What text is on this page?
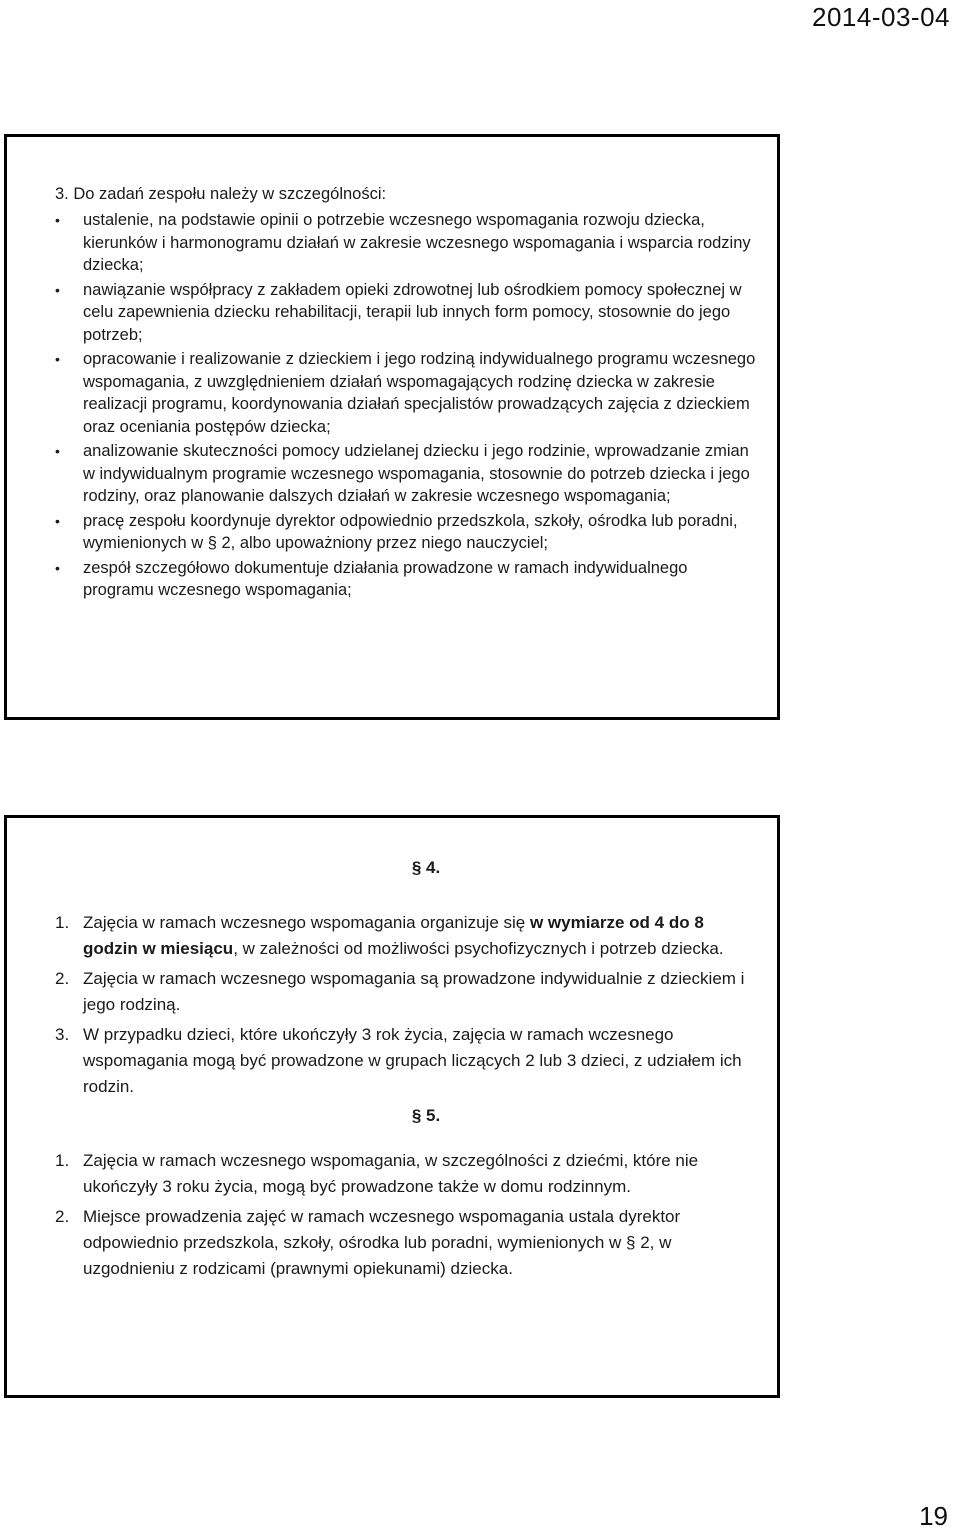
2014-03-04

3. Do zadań zespołu należy w szczególności:

• ustalenie, na podstawie opinii o potrzebie wczesnego wspomagania rozwoju dziecka, kierunków i harmonogramu działań w zakresie wczesnego wspomagania i wsparcia rodziny dziecka;
• nawiązanie współpracy z zakładem opieki zdrowotnej lub ośrodkiem pomocy społecznej w celu zapewnienia dziecku rehabilitacji, terapii lub innych form pomocy, stosownie do jego potrzeb;
• opracowanie i realizowanie z dzieckiem i jego rodziną indywidualnego programu wczesnego wspomagania, z uwzględnieniem działań wspomagających rodzinę dziecka w zakresie realizacji programu, koordynowania działań specjalistów prowadzących zajęcia z dzieckiem oraz oceniania postępów dziecka;
• analizowanie skuteczności pomocy udzielanej dziecku i jego rodzinie, wprowadzanie zmian w indywidualnym programie wczesnego wspomagania, stosownie do potrzeb dziecka i jego rodziny, oraz planowanie dalszych działań w zakresie wczesnego wspomagania;
• pracę zespołu koordynuje dyrektor odpowiednio przedszkola, szkoły, ośrodka lub poradni, wymienionych w § 2, albo upoważniony przez niego nauczyciel;
• zespół szczegółowo dokumentuje działania prowadzone w ramach indywidualnego programu wczesnego wspomagania;

§ 4.

1. Zajęcia w ramach wczesnego wspomagania organizuje się w wymiarze od 4 do 8 godzin w miesiącu, w zależności od możliwości psychofizycznych i potrzeb dziecka.
2. Zajęcia w ramach wczesnego wspomagania są prowadzone indywidualnie z dzieckiem i jego rodziną.
3. W przypadku dzieci, które ukończyły 3 rok życia, zajęcia w ramach wczesnego wspomagania mogą być prowadzone w grupach liczących 2 lub 3 dzieci, z udziałem ich rodzin.

§ 5.

1. Zajęcia w ramach wczesnego wspomagania, w szczególności z dziećmi, które nie ukończyły 3 roku życia, mogą być prowadzone także w domu rodzinnym.
2. Miejsce prowadzenia zajęć w ramach wczesnego wspomagania ustala dyrektor odpowiednio przedszkola, szkoły, ośrodka lub poradni, wymienionych w § 2, w uzgodnieniu z rodzicami (prawnymi opiekunami) dziecka.
19
